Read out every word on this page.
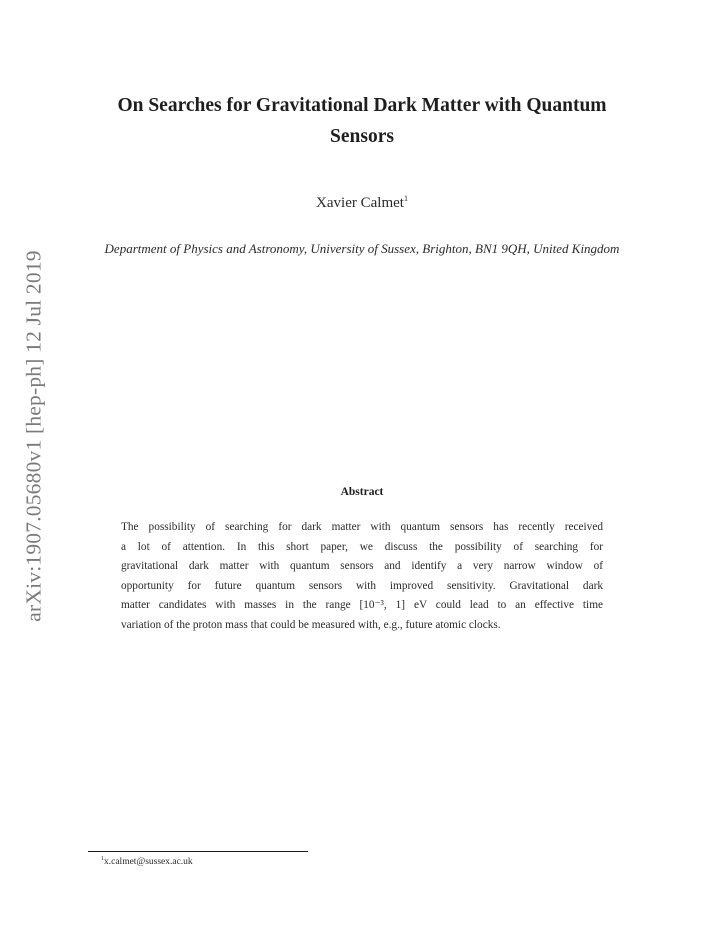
arXiv:1907.05680v1 [hep-ph] 12 Jul 2019
On Searches for Gravitational Dark Matter with Quantum Sensors
Xavier Calmet$^1$
Department of Physics and Astronomy, University of Sussex, Brighton, BN1 9QH, United Kingdom
Abstract
The possibility of searching for dark matter with quantum sensors has recently received
a lot of attention. In this short paper, we discuss the possibility of searching for
gravitational dark matter with quantum sensors and identify a very narrow window of
opportunity for future quantum sensors with improved sensitivity. Gravitational dark
matter candidates with masses in the range [10⁻³, 1] eV could lead to an effective time
variation of the proton mass that could be measured with, e.g., future atomic clocks.
$^1$x.calmet@sussex.ac.uk
